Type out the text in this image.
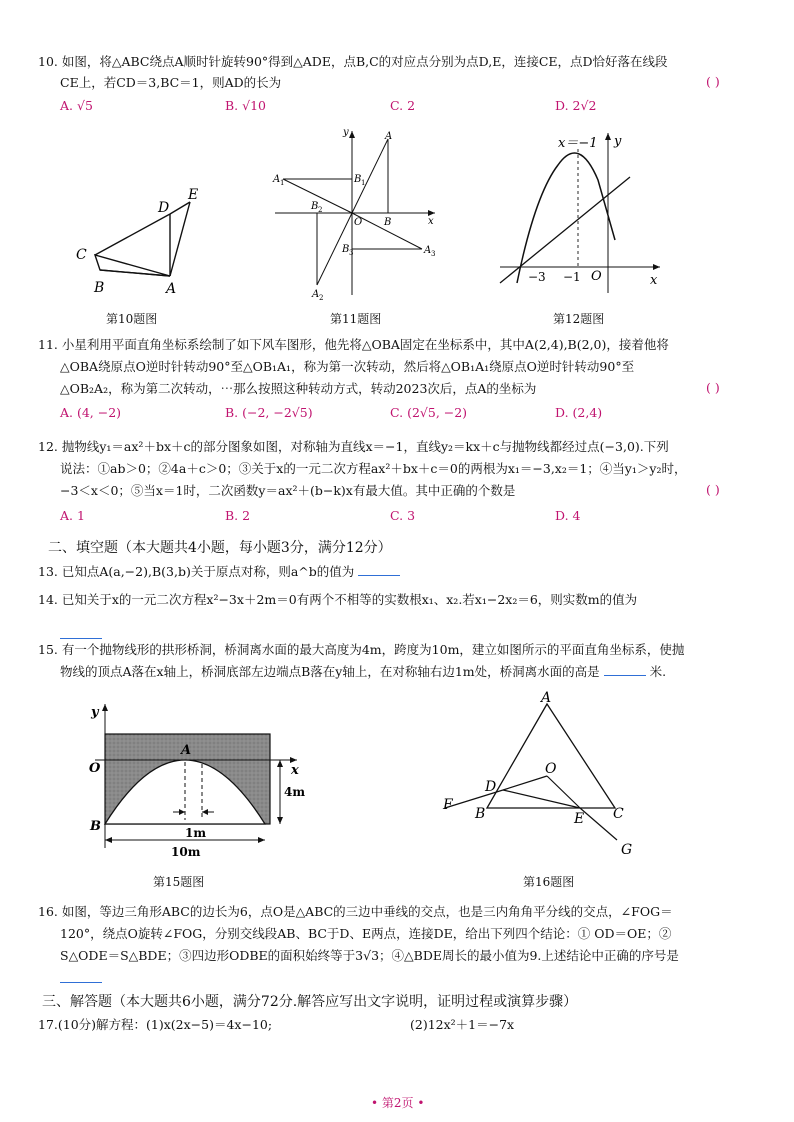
10. 如图，将△ABC绕点A顺时针旋转90°得到△ADE，点B,C的对应点分别为点D,E，连接CE，点D恰好落在线段
CE上，若CD＝3,BC＝1，则AD的长为	( )
A. √5	B. √10	C. 2	D. 2√2
C
D
E
B	A
第10题图
y
x
O
A
B
A 1	B 1
B 2
A 2
B 3	A 3
第11题图
x＝−1 y
x
−3 −1 O
第12题图
11. 小星利用平面直角坐标系绘制了如下风车图形，他先将△OBA固定在坐标系中，其中A(2,4),B(2,0)，接着他将
△OBA绕原点O逆时针转动90°至△OB₁A₁，称为第一次转动，然后将△OB₁A₁绕原点O逆时针转动90°至
△OB₂A₂，称为第二次转动，⋯那么按照这种转动方式，转动2023次后，点A的坐标为	( )
A. (4, −2)	B. (−2, −2√5)	C. (2√5, −2)	D. (2,4)
12. 抛物线y₁＝ax²＋bx＋c的部分图象如图，对称轴为直线x＝−1，直线y₂＝kx＋c与抛物线都经过点(−3,0).下列
说法：①ab＞0；②4a＋c＞0；③关于x的一元二次方程ax²＋bx＋c＝0的两根为x₁＝−3,x₂＝1；④当y₁＞y₂时，
−3＜x＜0；⑤当x＝1时，二次函数y＝ax²＋(b−k)x有最大值。其中正确的个数是	( )
A. 1	B. 2	C. 3	D. 4
二、填空题（本大题共4小题，每小题3分，满分12分）
13. 已知点A(a,−2),B(3,b)关于原点对称，则a^b的值为
14. 已知关于x的一元二次方程x²−3x＋2m＝0有两个不相等的实数根x₁、x₂.若x₁−2x₂＝6，则实数m的值为
15. 有一个抛物线形的拱形桥洞，桥洞离水面的最大高度为4m，跨度为10m，建立如图所示的平面直角坐标系，使抛
物线的顶点A落在x轴上，桥洞底部左边端点B落在y轴上，在对称轴右边1m处，桥洞离水面的高是	米.
y
x
O
A
B
4m
1m
10m
第15题图
A
O
D
F
B	E C
G
第16题图
16. 如图，等边三角形ABC的边长为6，点O是△ABC的三边中垂线的交点，也是三内角角平分线的交点，∠FOG＝
120°，绕点O旋转∠FOG，分别交线段AB、BC于D、E两点，连接DE，给出下列四个结论：① OD＝OE；②
S△ODE＝S△BDE；③四边形ODBE的面积始终等于3√3；④△BDE周长的最小值为9.上述结论中正确的序号是
三、解答题（本大题共6小题，满分72分.解答应写出文字说明，证明过程或演算步骤）
17.(10分)解方程：(1)x(2x−5)＝4x−10;	(2)12x²＋1＝−7x
• 第2页 •
